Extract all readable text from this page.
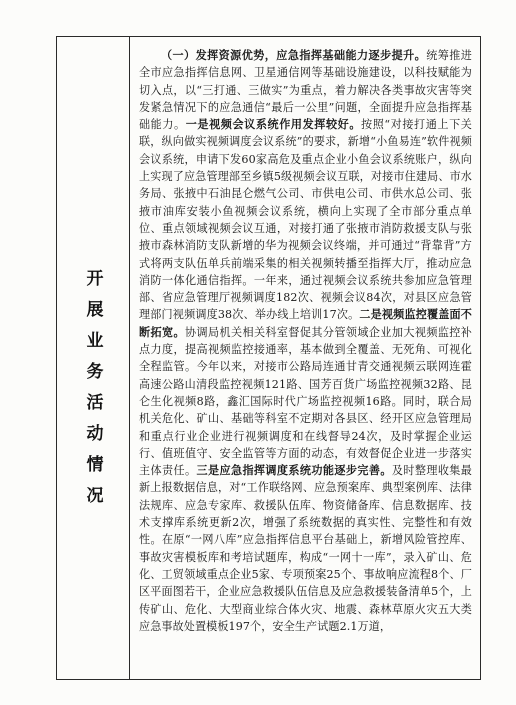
开展业务活动情况

（一）发挥资源优势，应急指挥基础能力逐步提升。统筹推进全市应急指挥信息网、卫星通信网等基础设施建设，以科技赋能为切入点，以“三打通、三做实”为重点，着力解决各类事故灾害等突发紧急情况下的应急通信“最后一公里”问题，全面提升应急指挥基础能力。一是视频会议系统作用发挥较好。按照“对接打通上下关联，纵向做实视频调度会议系统”的要求，新增“小鱼易连”软件视频会议系统，申请下发60家高危及重点企业小鱼会议系统账户，纵向上实现了应急管理部至乡镇5级视频会议互联，对接市住建局、市水务局、张掖中石油昆仑燃气公司、市供电公司、市供水总公司、张掖市油库安装小鱼视频会议系统，横向上实现了全市部分重点单位、重点领域视频会议互通，对接打通了张掖市消防救援支队与张掖市森林消防支队新增的华为视频会议终端，并可通过“背靠背”方式将两支队伍单兵前端采集的相关视频转播至指挥大厅，推动应急消防一体化通信指挥。一年来，通过视频会议系统共参加应急管理部、省应急管理厅视频调度182次、视频会议84次，对县区应急管理部门视频调度38次、举办线上培训17次。二是视频监控覆盖面不断拓宽。协调局机关相关科室督促其分管领域企业加大视频监控补点力度，提高视频监控接通率，基本做到全覆盖、无死角、可视化全程监管。今年以来，对接市公路局连通甘青交通视频云联网连霍高速公路山清段监控视频121路、国芳百货广场监控视频32路、昆仑生化视频8路，鑫汇国际时代广场监控视频16路。同时，联合局机关危化、矿山、基础等科室不定期对各县区、经开区应急管理局和重点行业企业进行视频调度和在线督导24次，及时掌握企业运行、值班值守、安全监管等方面的动态，有效督促企业进一步落实主体责任。三是应急指挥调度系统功能逐步完善。及时整理收集最新上报数据信息，对“工作联络网、应急预案库、典型案例库、法律法规库、应急专家库、救援队伍库、物资储备库、信息数据库、技术支撑库系统更新2次，增强了系统数据的真实性、完整性和有效性。在原“一网八库”应急指挥信息平台基础上，新增风险管控库、事故灾害模板库和考培试题库，构成“一网十一库”，录入矿山、危化、工贸领域重点企业5家、专项预案25个、事故响应流程8个、厂区平面图若干，企业应急救援队伍信息及应急救援装备清单5个，上传矿山、危化、大型商业综合体火灾、地震、森林草原火灾五大类应急事故处置模板197个，安全生产试题2.1万道，
